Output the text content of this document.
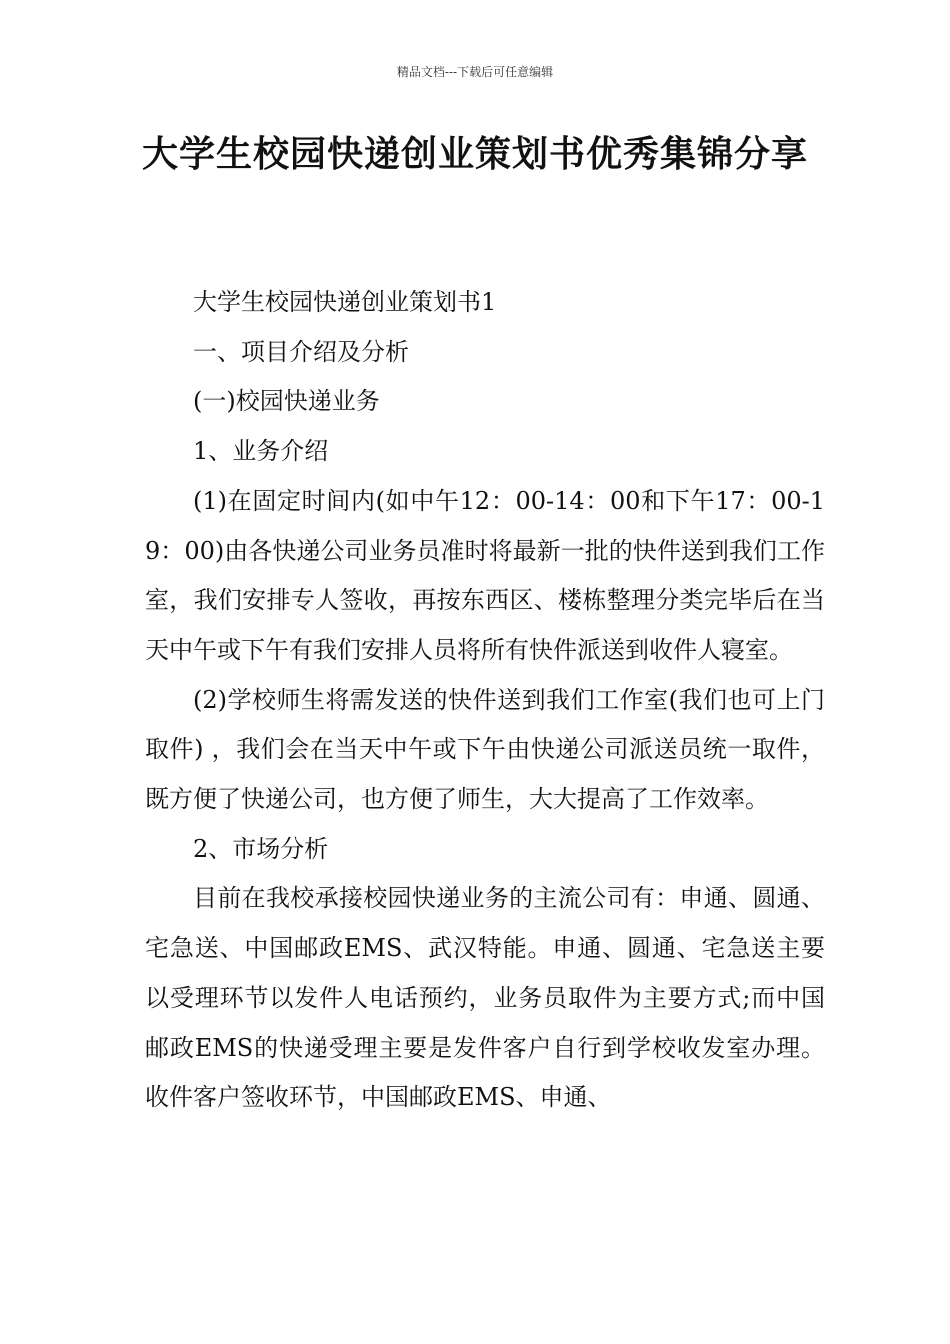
精品文档---下载后可任意编辑
大学生校园快递创业策划书优秀集锦分享

大学生校园快递创业策划书1

一、项目介绍及分析

(一)校园快递业务

1、业务介绍

(1)在固定时间内(如中午12：00-14：00和下午17：00-19：00)由各快递公司业务员准时将最新一批的快件送到我们工作室，我们安排专人签收，再按东西区、楼栋整理分类完毕后在当天中午或下午有我们安排人员将所有快件派送到收件人寝室。

(2)学校师生将需发送的快件送到我们工作室(我们也可上门取件) ，我们会在当天中午或下午由快递公司派送员统一取件，既方便了快递公司，也方便了师生，大大提高了工作效率。

2、市场分析

目前在我校承接校园快递业务的主流公司有：申通、圆通、宅急送、中国邮政EMS、武汉特能。申通、圆通、宅急送主要以受理环节以发件人电话预约，业务员取件为主要方式;而中国邮政EMS的快递受理主要是发件客户自行到学校收发室办理。收件客户签收环节，中国邮政EMS、申通、
